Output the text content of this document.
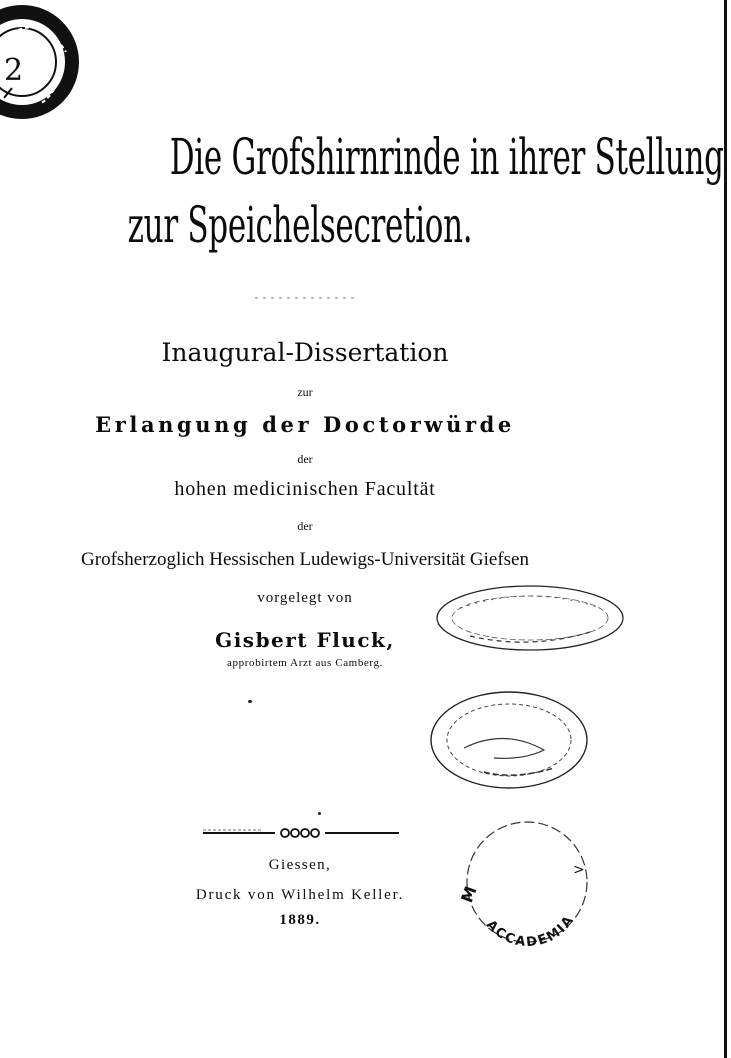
2
Die Grofshirnrinde in ihrer Stellung
zur Speichelsecretion.
Inaugural-Dissertation
zur
Erlangung der Doctorwürde
der
hohen medicinischen Facultät
der
Grofsherzoglich Hessischen Ludewigs-Universität Giefsen
vorgelegt von
Gisbert Fluck,
approbirtem Arzt aus Camberg.
Giessen,
Druck von Wilhelm Keller.
1889.	ACCADEMIA
M
>
